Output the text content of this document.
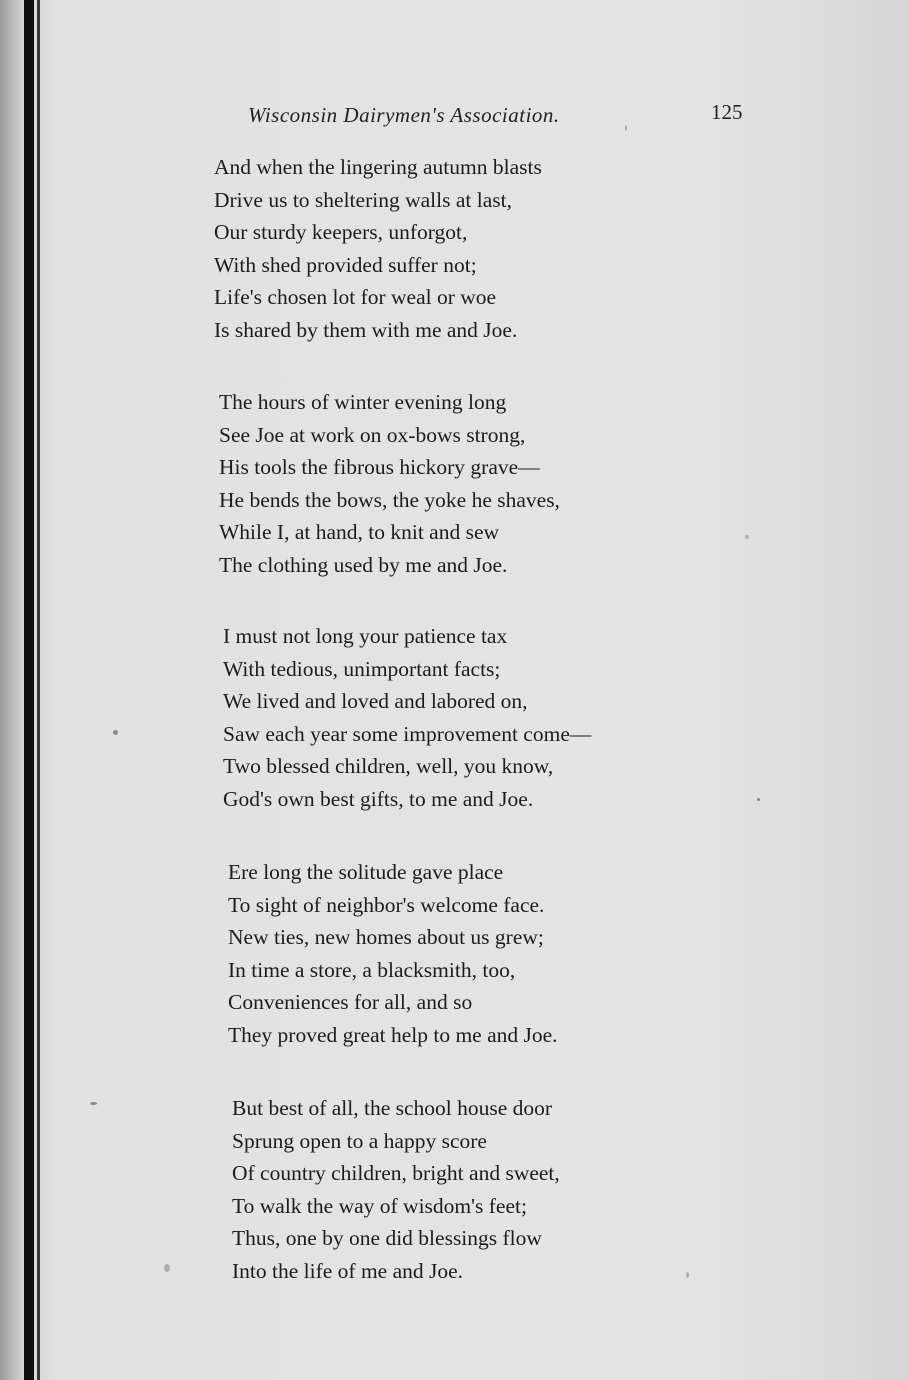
Wisconsin Dairymen's Association.	125
And when the lingering autumn blasts
Drive us to sheltering walls at last,
Our sturdy keepers, unforgot,
With shed provided suffer not;
Life's chosen lot for weal or woe
Is shared by them with me and Joe.
The hours of winter evening long
See Joe at work on ox-bows strong,
His tools the fibrous hickory grave—
He bends the bows, the yoke he shaves,
While I, at hand, to knit and sew
The clothing used by me and Joe.
I must not long your patience tax
With tedious, unimportant facts;
We lived and loved and labored on,
Saw each year some improvement come—
Two blessed children, well, you know,
God's own best gifts, to me and Joe.
Ere long the solitude gave place
To sight of neighbor's welcome face.
New ties, new homes about us grew;
In time a store, a blacksmith, too,
Conveniences for all, and so
They proved great help to me and Joe.
But best of all, the school house door
Sprung open to a happy score
Of country children, bright and sweet,
To walk the way of wisdom's feet;
Thus, one by one did blessings flow
Into the life of me and Joe.
